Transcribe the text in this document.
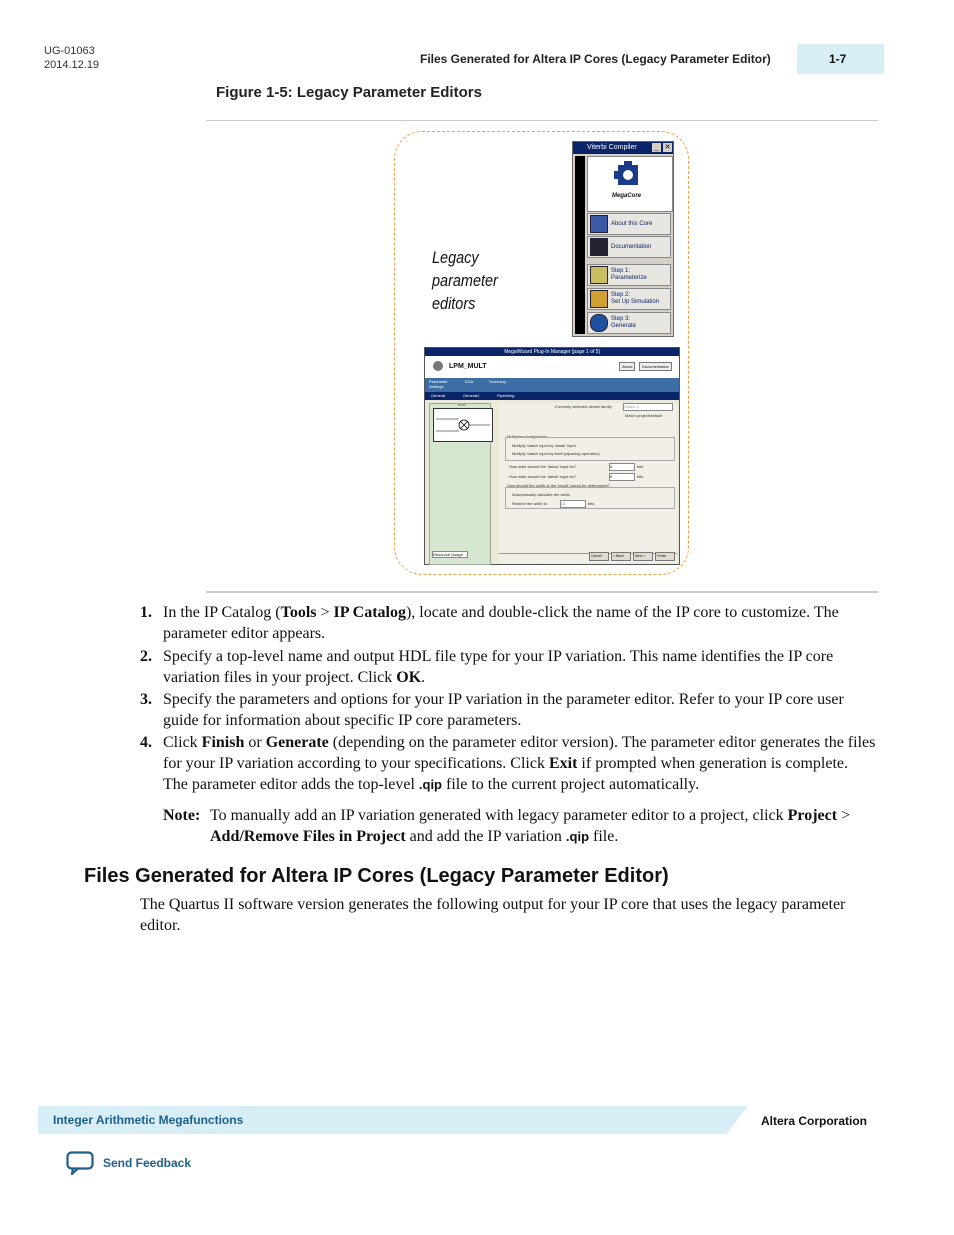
UG-01063
2014.12.19	Files Generated for Altera IP Cores (Legacy Parameter Editor)	1-7
Figure 1-5: Legacy Parameter Editors
Legacy parameter
editors
Viterbi Compiler	_ ✕
Viterbi Compiler
MegaCore
About this Core
Documentation
Step 1:
Parameterize
Step 2:
Set Up Simulation
Step 3:
Generate
MegaWizard Plug-In Manager [page 1 of 5]
LPM_MULT	About	Documentation
Parameter Settings
EDA	Summary
General	General2	Pipelining
Resource Usage
mult	Currently selected device family:	Stratix V
Match project/default
Multiplier configuration
Multiply 'dataa' input by 'datab' input
Multiply 'dataa' input by itself (squaring operation)
How wide should the 'dataa' input be?	8	bits
How wide should the 'datab' input be?	8	bits
How should the width of the 'result' output be determined?
Automatically calculate the width
Restrict the width to	16	bits
Cancel	< Back	Next >	Finish
1. In the IP Catalog (Tools > IP Catalog), locate and double-click the name of the IP core to customize. The parameter editor appears.
2. Specify a top-level name and output HDL file type for your IP variation. This name identifies the IP core variation files in your project. Click OK.
3. Specify the parameters and options for your IP variation in the parameter editor. Refer to your IP core user guide for information about specific IP core parameters.
4. Click Finish or Generate (depending on the parameter editor version). The parameter editor generates the files for your IP variation according to your specifications. Click Exit if prompted when generation is complete. The parameter editor adds the top-level .qip file to the current project automatically.
Note: To manually add an IP variation generated with legacy parameter editor to a project, click Project > Add/Remove Files in Project and add the IP variation .qip file.
Files Generated for Altera IP Cores (Legacy Parameter Editor)
The Quartus II software version generates the following output for your IP core that uses the legacy parameter editor.
Integer Arithmetic Megafunctions	Altera Corporation
Send Feedback
